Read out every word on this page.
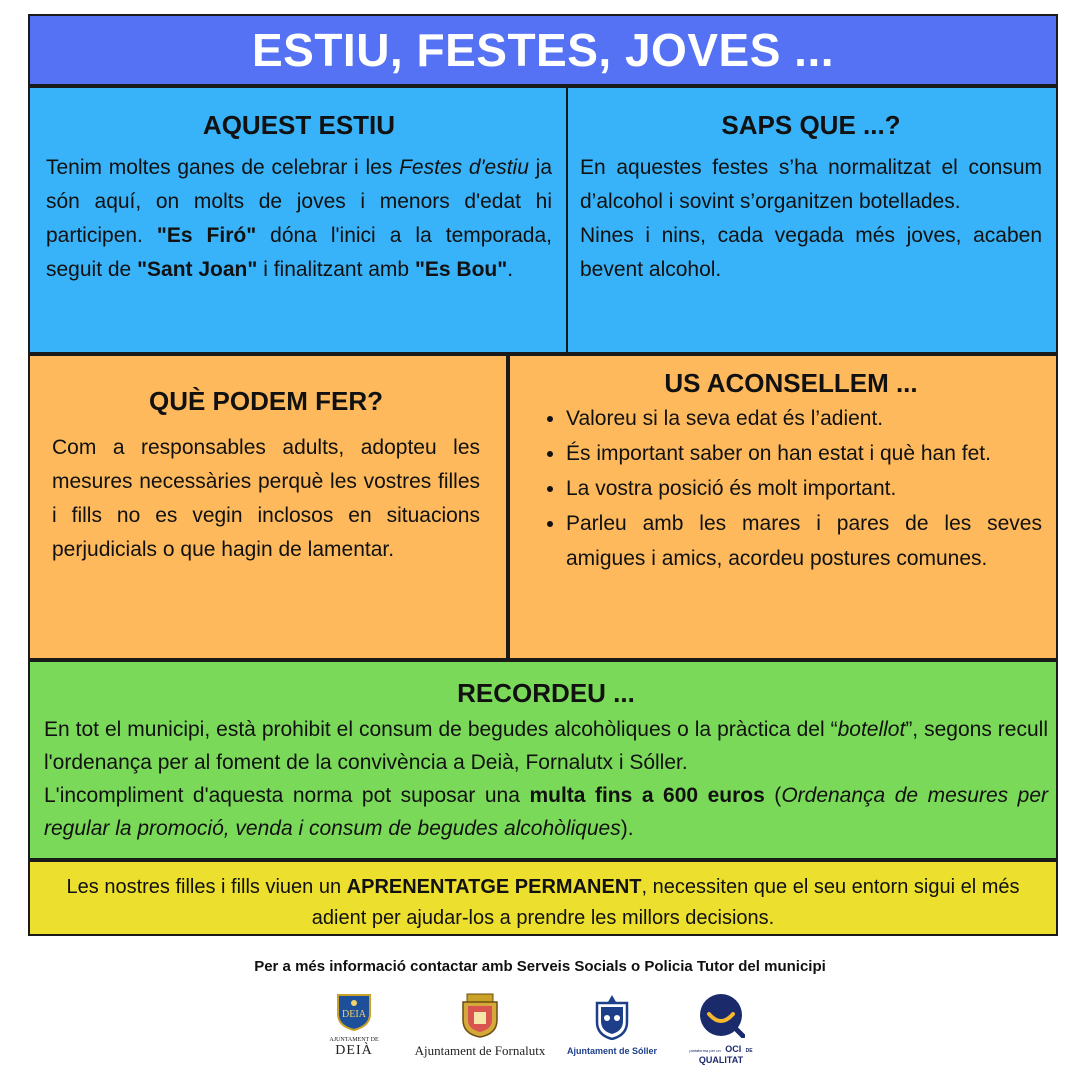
ESTIU, FESTES, JOVES ...
AQUEST ESTIU

Tenim moltes ganes de celebrar i les Festes d'estiu ja són aquí, on molts de joves i menors d'edat hi participen. "Es Firó" dóna l'inici a la temporada, seguit de "Sant Joan" i finalitzant amb "Es Bou".

SAPS QUE ...?

En aquestes festes s’ha normalitzat el consum d’alcohol i sovint s’organitzen botellades.

Nines i nins, cada vegada més joves, acaben bevent alcohol.

QUÈ PODEM FER?

Com a responsables adults, adopteu les mesures necessàries perquè les vostres filles i fills no es vegin inclosos en situacions perjudicials o que hagin de lamentar.

US ACONSELLEM ...
• Valoreu si la seva edat és l’adient.
• És important saber on han estat i què han fet.
• La vostra posició és molt important.
• Parleu amb les mares i pares de les seves amigues i amics, acordeu postures comunes.
RECORDEU ...

En tot el municipi, està prohibit el consum de begudes alcohòliques o la pràctica del “botellot”, segons recull l'ordenança per al foment de la convivència a Deià, Fornalutx i Sóller.

L'incompliment d'aquesta norma pot suposar una multa fins a 600 euros (Ordenança de mesures per regular la promoció, venda i consum de begudes alcohòliques).

Les nostres filles i fills viuen un APRENENTATGE PERMANENT, necessiten que el seu entorn sigui el més adient per ajudar-los a prendre les millors decisions.
Per a més informació contactar amb Serveis Socials o Policia Tutor del municipi
DEIA
AJUNTAMENT DE
DEIÀ	Ajuntament de Fornalutx	Ajuntament de Sóller	plataforma per un OCI DE
QUALITAT
